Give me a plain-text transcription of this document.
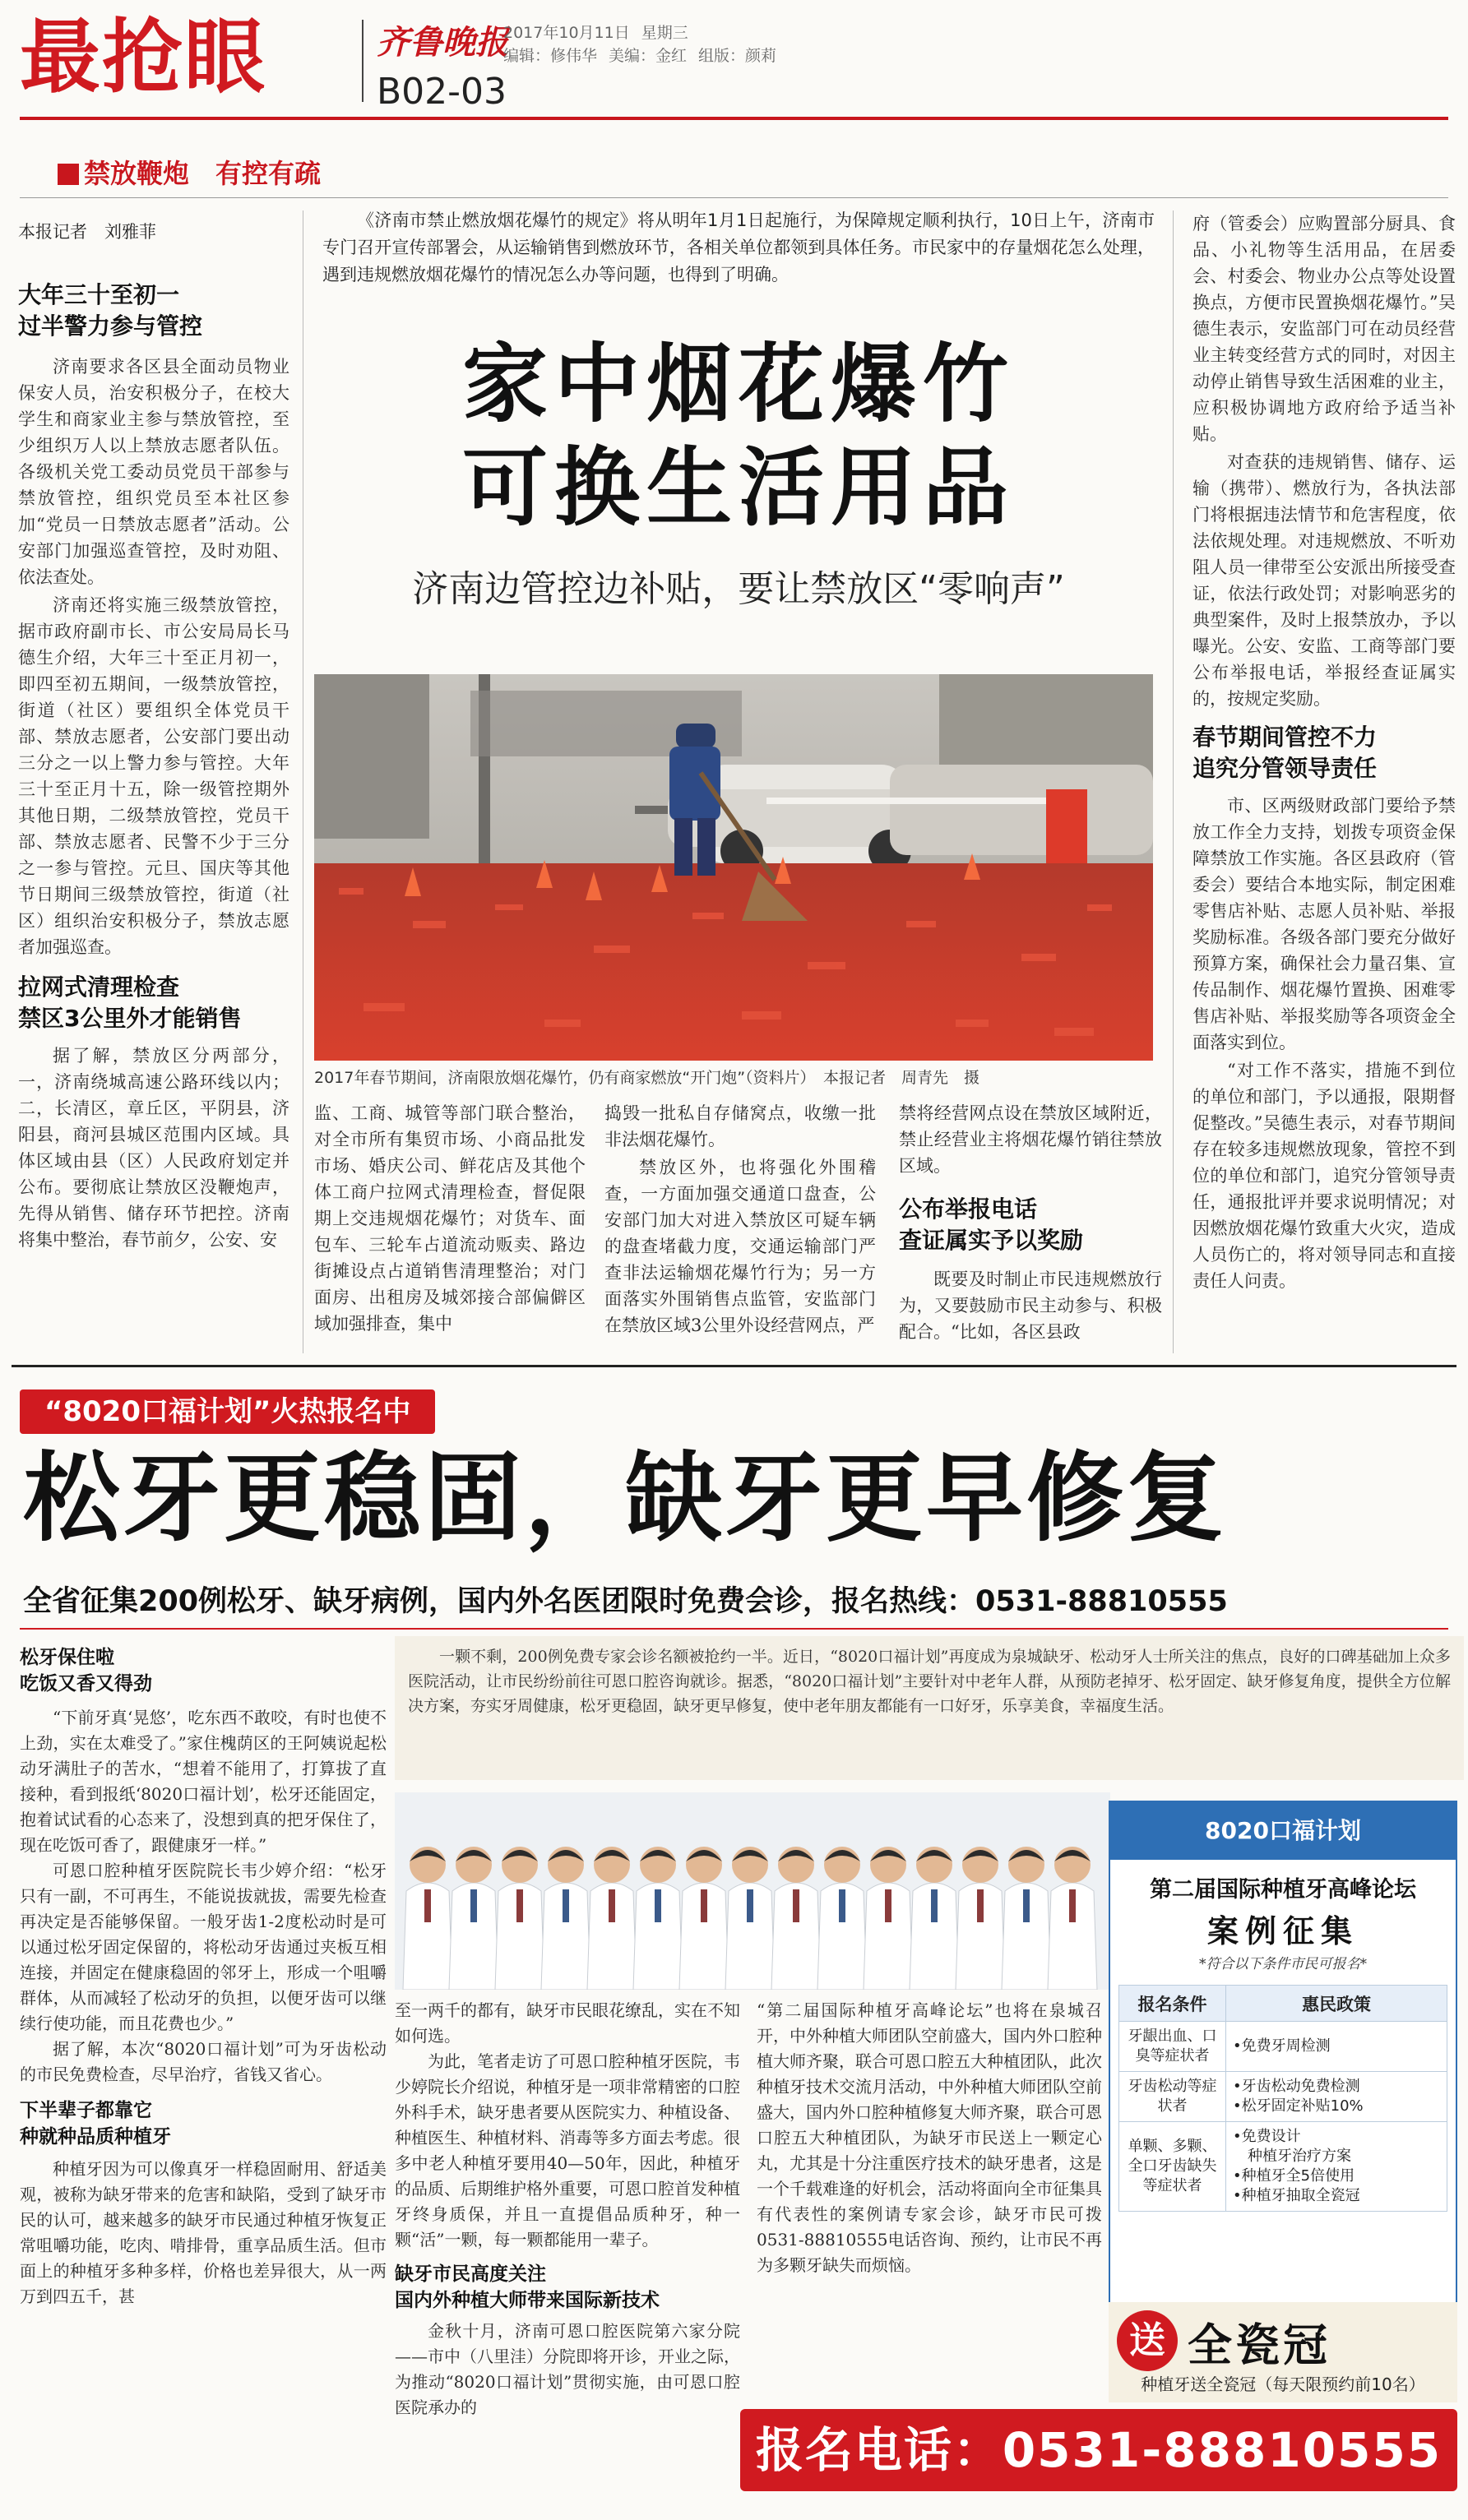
最抢眼	齐鲁晚报
B02-03
2017年10月11日 星期三
编辑：修伟华 美编：金红 组版：颜莉
禁放鞭炮　有控有疏
本报记者　刘雅菲
大年三十至初一
过半警力参与管控

济南要求各区县全面动员物业保安人员，治安积极分子，在校大学生和商家业主参与禁放管控，至少组织万人以上禁放志愿者队伍。各级机关党工委动员党员干部参与禁放管控，组织党员至本社区参加“党员一日禁放志愿者”活动。公安部门加强巡查管控，及时劝阻、依法查处。

济南还将实施三级禁放管控，据市政府副市长、市公安局局长马德生介绍，大年三十至正月初一，即四至初五期间，一级禁放管控，街道（社区）要组织全体党员干部、禁放志愿者，公安部门要出动三分之一以上警力参与管控。大年三十至正月十五，除一级管控期外其他日期，二级禁放管控，党员干部、禁放志愿者、民警不少于三分之一参与管控。元旦、国庆等其他节日期间三级禁放管控，街道（社区）组织治安积极分子，禁放志愿者加强巡查。

拉网式清理检查
禁区3公里外才能销售

据了解，禁放区分两部分，一，济南绕城高速公路环线以内；二，长清区，章丘区，平阴县，济阳县，商河县城区范围内区域。具体区域由县（区）人民政府划定并公布。要彻底让禁放区没鞭炮声，先得从销售、储存环节把控。济南将集中整治，春节前夕，公安、安

《济南市禁止燃放烟花爆竹的规定》将从明年1月1日起施行，为保障规定顺利执行，10日上午，济南市专门召开宣传部署会，从运输销售到燃放环节，各相关单位都领到具体任务。市民家中的存量烟花怎么处理，遇到违规燃放烟花爆竹的情况怎么办等问题，也得到了明确。
家中烟花爆竹
可换生活用品
济南边管控边补贴，要让禁放区“零响声”
2017年春节期间，济南限放烟花爆竹，仍有商家燃放“开门炮”（资料片）　本报记者　周青先　摄

监、工商、城管等部门联合整治，对全市所有集贸市场、小商品批发市场、婚庆公司、鲜花店及其他个体工商户拉网式清理检查，督促限期上交违规烟花爆竹；对货车、面包车、三轮车占道流动贩卖、路边街摊设点占道销售清理整治；对门面房、出租房及城郊接合部偏僻区域加强排查，集中

捣毁一批私自存储窝点，收缴一批非法烟花爆竹。

禁放区外，也将强化外围稽查，一方面加强交通道口盘查，公安部门加大对进入禁放区可疑车辆的盘查堵截力度，交通运输部门严查非法运输烟花爆竹行为；另一方面落实外围销售点监管，安监部门在禁放区域3公里外设经营网点，严

禁将经营网点设在禁放区域附近，禁止经营业主将烟花爆竹销往禁放区域。

公布举报电话
查证属实予以奖励

既要及时制止市民违规燃放行为，又要鼓励市民主动参与、积极配合。“比如，各区县政

府（管委会）应购置部分厨具、食品、小礼物等生活用品，在居委会、村委会、物业办公点等处设置换点，方便市民置换烟花爆竹。”吴德生表示，安监部门可在动员经营业主转变经营方式的同时，对因主动停止销售导致生活困难的业主，应积极协调地方政府给予适当补贴。

对查获的违规销售、储存、运输（携带）、燃放行为，各执法部门将根据违法情节和危害程度，依法依规处理。对违规燃放、不听劝阻人员一律带至公安派出所接受查证，依法行政处罚；对影响恶劣的典型案件，及时上报禁放办，予以曝光。公安、安监、工商等部门要公布举报电话，举报经查证属实的，按规定奖励。

春节期间管控不力
追究分管领导责任

市、区两级财政部门要给予禁放工作全力支持，划拨专项资金保障禁放工作实施。各区县政府（管委会）要结合本地实际，制定困难零售店补贴、志愿人员补贴、举报奖励标准。各级各部门要充分做好预算方案，确保社会力量召集、宣传品制作、烟花爆竹置换、困难零售店补贴、举报奖励等各项资金全面落实到位。

“对工作不落实，措施不到位的单位和部门，予以通报，限期督促整改。”吴德生表示，对春节期间存在较多违规燃放现象，管控不到位的单位和部门，追究分管领导责任，通报批评并要求说明情况；对因燃放烟花爆竹致重大火灾，造成人员伤亡的，将对领导同志和直接责任人问责。

“8020口福计划”火热报名中
松牙更稳固，缺牙更早修复
全省征集200例松牙、缺牙病例，国内外名医团限时免费会诊，报名热线：0531-88810555
一颗不剩，200例免费专家会诊名额被抢约一半。近日，“8020口福计划”再度成为泉城缺牙、松动牙人士所关注的焦点，良好的口碑基础加上众多医院活动，让市民纷纷前往可恩口腔咨询就诊。据悉，“8020口福计划”主要针对中老年人群，从预防老掉牙、松牙固定、缺牙修复角度，提供全方位解决方案，夯实牙周健康，松牙更稳固，缺牙更早修复，使中老年朋友都能有一口好牙，乐享美食，幸福度生活。
松牙保住啦
吃饭又香又得劲

“下前牙真‘晃悠’，吃东西不敢咬，有时也使不上劲，实在太难受了。”家住槐荫区的王阿姨说起松动牙满肚子的苦水，“想着不能用了，打算拔了直接种，看到报纸‘8020口福计划’，松牙还能固定，抱着试试看的心态来了，没想到真的把牙保住了，现在吃饭可香了，跟健康牙一样。”

可恩口腔种植牙医院院长韦少婷介绍：“松牙只有一副，不可再生，不能说拔就拔，需要先检查再决定是否能够保留。一般牙齿1-2度松动时是可以通过松牙固定保留的，将松动牙齿通过夹板互相连接，并固定在健康稳固的邻牙上，形成一个咀嚼群体，从而减轻了松动牙的负担，以便牙齿可以继续行使功能，而且花费也少。”

据了解，本次“8020口福计划”可为牙齿松动的市民免费检查，尽早治疗，省钱又省心。

下半辈子都靠它
种就种品质种植牙

种植牙因为可以像真牙一样稳固耐用、舒适美观，被称为缺牙带来的危害和缺陷，受到了缺牙市民的认可，越来越多的缺牙市民通过种植牙恢复正常咀嚼功能，吃肉、啃排骨，重享品质生活。但市面上的种植牙多种多样，价格也差异很大，从一两万到四五千，甚

至一两千的都有，缺牙市民眼花缭乱，实在不知如何选。

为此，笔者走访了可恩口腔种植牙医院，韦少婷院长介绍说，种植牙是一项非常精密的口腔外科手术，缺牙患者要从医院实力、种植设备、种植医生、种植材料、消毒等多方面去考虑。很多中老人种植牙要用40—50年，因此，种植牙的品质、后期维护格外重要，可恩口腔首发种植牙终身质保，并且一直提倡品质种牙，种一颗“活”一颗，每一颗都能用一辈子。

缺牙市民高度关注
国内外种植大师带来国际新技术

金秋十月，济南可恩口腔医院第六家分院——市中（八里洼）分院即将开诊，开业之际，为推动“8020口福计划”贯彻实施，由可恩口腔医院承办的

“第二届国际种植牙高峰论坛”也将在泉城召开，中外种植大师团队空前盛大，国内外口腔种植大师齐聚，联合可恩口腔五大种植团队，此次种植牙技术交流月活动，中外种植大师团队空前盛大，国内外口腔种植修复大师齐聚，联合可恩口腔五大种植团队，为缺牙市民送上一颗定心丸，尤其是十分注重医疗技术的缺牙患者，这是一个千载难逢的好机会，活动将面向全市征集具有代表性的案例请专家会诊，缺牙市民可拨0531-88810555电话咨询、预约，让市民不再为多颗牙缺失而烦恼。

8020口福计划
第二届国际种植牙高峰论坛
案例征集
*符合以下条件市民可报名*
报名条件	惠民政策
牙龈出血、口臭等症状者	•免费牙周检测

牙齿松动等症状者	•牙齿松动免费检测
•松牙固定补贴10%

单颗、多颗、全口牙齿缺失等症状者	•免费设计
　种植牙治疗方案
•种植牙全5倍使用
•种植牙抽取全瓷冠
送 全瓷冠
种植牙送全瓷冠（每天限预约前10名）
报名电话：0531-88810555
